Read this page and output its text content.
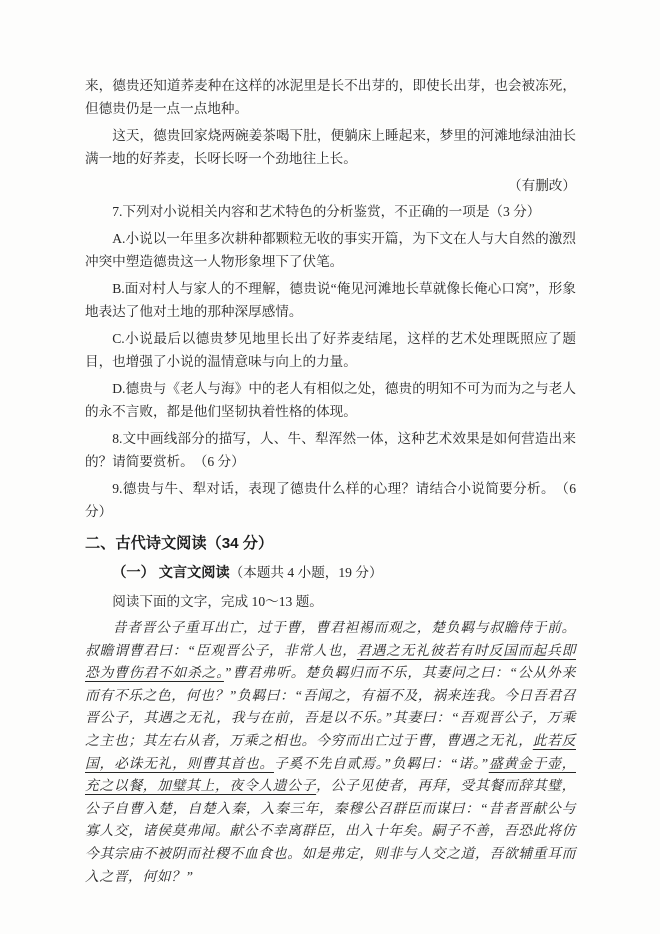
来，德贵还知道荞麦种在这样的冰泥里是长不出芽的，即使长出芽，也会被冻死，但德贵仍是一点一点地种。

这天，德贵回家烧两碗姜茶喝下肚，便躺床上睡起来，梦里的河滩地绿油油长满一地的好荞麦，长呀长呀一个劲地往上长。

（有删改）

7.下列对小说相关内容和艺术特色的分析鉴赏，不正确的一项是（3 分）

A.小说以一年里多次耕种都颗粒无收的事实开篇，为下文在人与大自然的激烈冲突中塑造德贵这一人物形象埋下了伏笔。

B.面对村人与家人的不理解，德贵说“俺见河滩地长草就像长俺心口窝”，形象地表达了他对土地的那种深厚感情。

C.小说最后以德贵梦见地里长出了好荞麦结尾，这样的艺术处理既照应了题目，也增强了小说的温情意味与向上的力量。

D.德贵与《老人与海》中的老人有相似之处，德贵的明知不可为而为之与老人的永不言败，都是他们坚韧执着性格的体现。

8.文中画线部分的描写，人、牛、犁浑然一体，这种艺术效果是如何营造出来的？请简要赏析。　（6 分）

9.德贵与牛、犁对话，表现了德贵什么样的心理？请结合小说简要分析。　（6分）

二、古代诗文阅读（34 分）

（一） 文言文阅读（本题共 4 小题，19 分）

阅读下面的文字，完成 10～13 题。

昔者晋公子重耳出亡，过于曹，曹君袒裼而观之，楚负羁与叔瞻侍于前。叔瞻谓曹君曰：“臣观晋公子，非常人也，君遇之无礼彼若有时反国而起兵即恐为曹伤君不如杀之。”曹君弗听。楚负羁归而不乐，其妻问之曰：“公从外来而有不乐之色，何也？”负羁曰：“吾闻之，有福不及，祸来连我。今日吾君召晋公子，其遇之无礼，我与在前，吾是以不乐。”其妻曰：“吾观晋公子，万乘之主也；其左右从者，万乘之相也。今穷而出亡过于曹，曹遇之无礼，此若反国，必诛无礼，则曹其首也。子奚不先自贰焉。”负羁曰：“诺。”盛黄金于壶，充之以餐，加璧其上，夜令人遗公子，公子见使者，再拜，受其餐而辞其璧，公子自曹入楚，自楚入秦，入秦三年，秦穆公召群臣而谋曰：“昔者晋献公与寡人交，诸侯莫弗闻。献公不幸离群臣，出入十年矣。嗣子不善，吾恐此将仿今其宗庙不被阴而社稷不血食也。如是弗定，则非与人交之道，吾欲辅重耳而入之晋，何如？”
